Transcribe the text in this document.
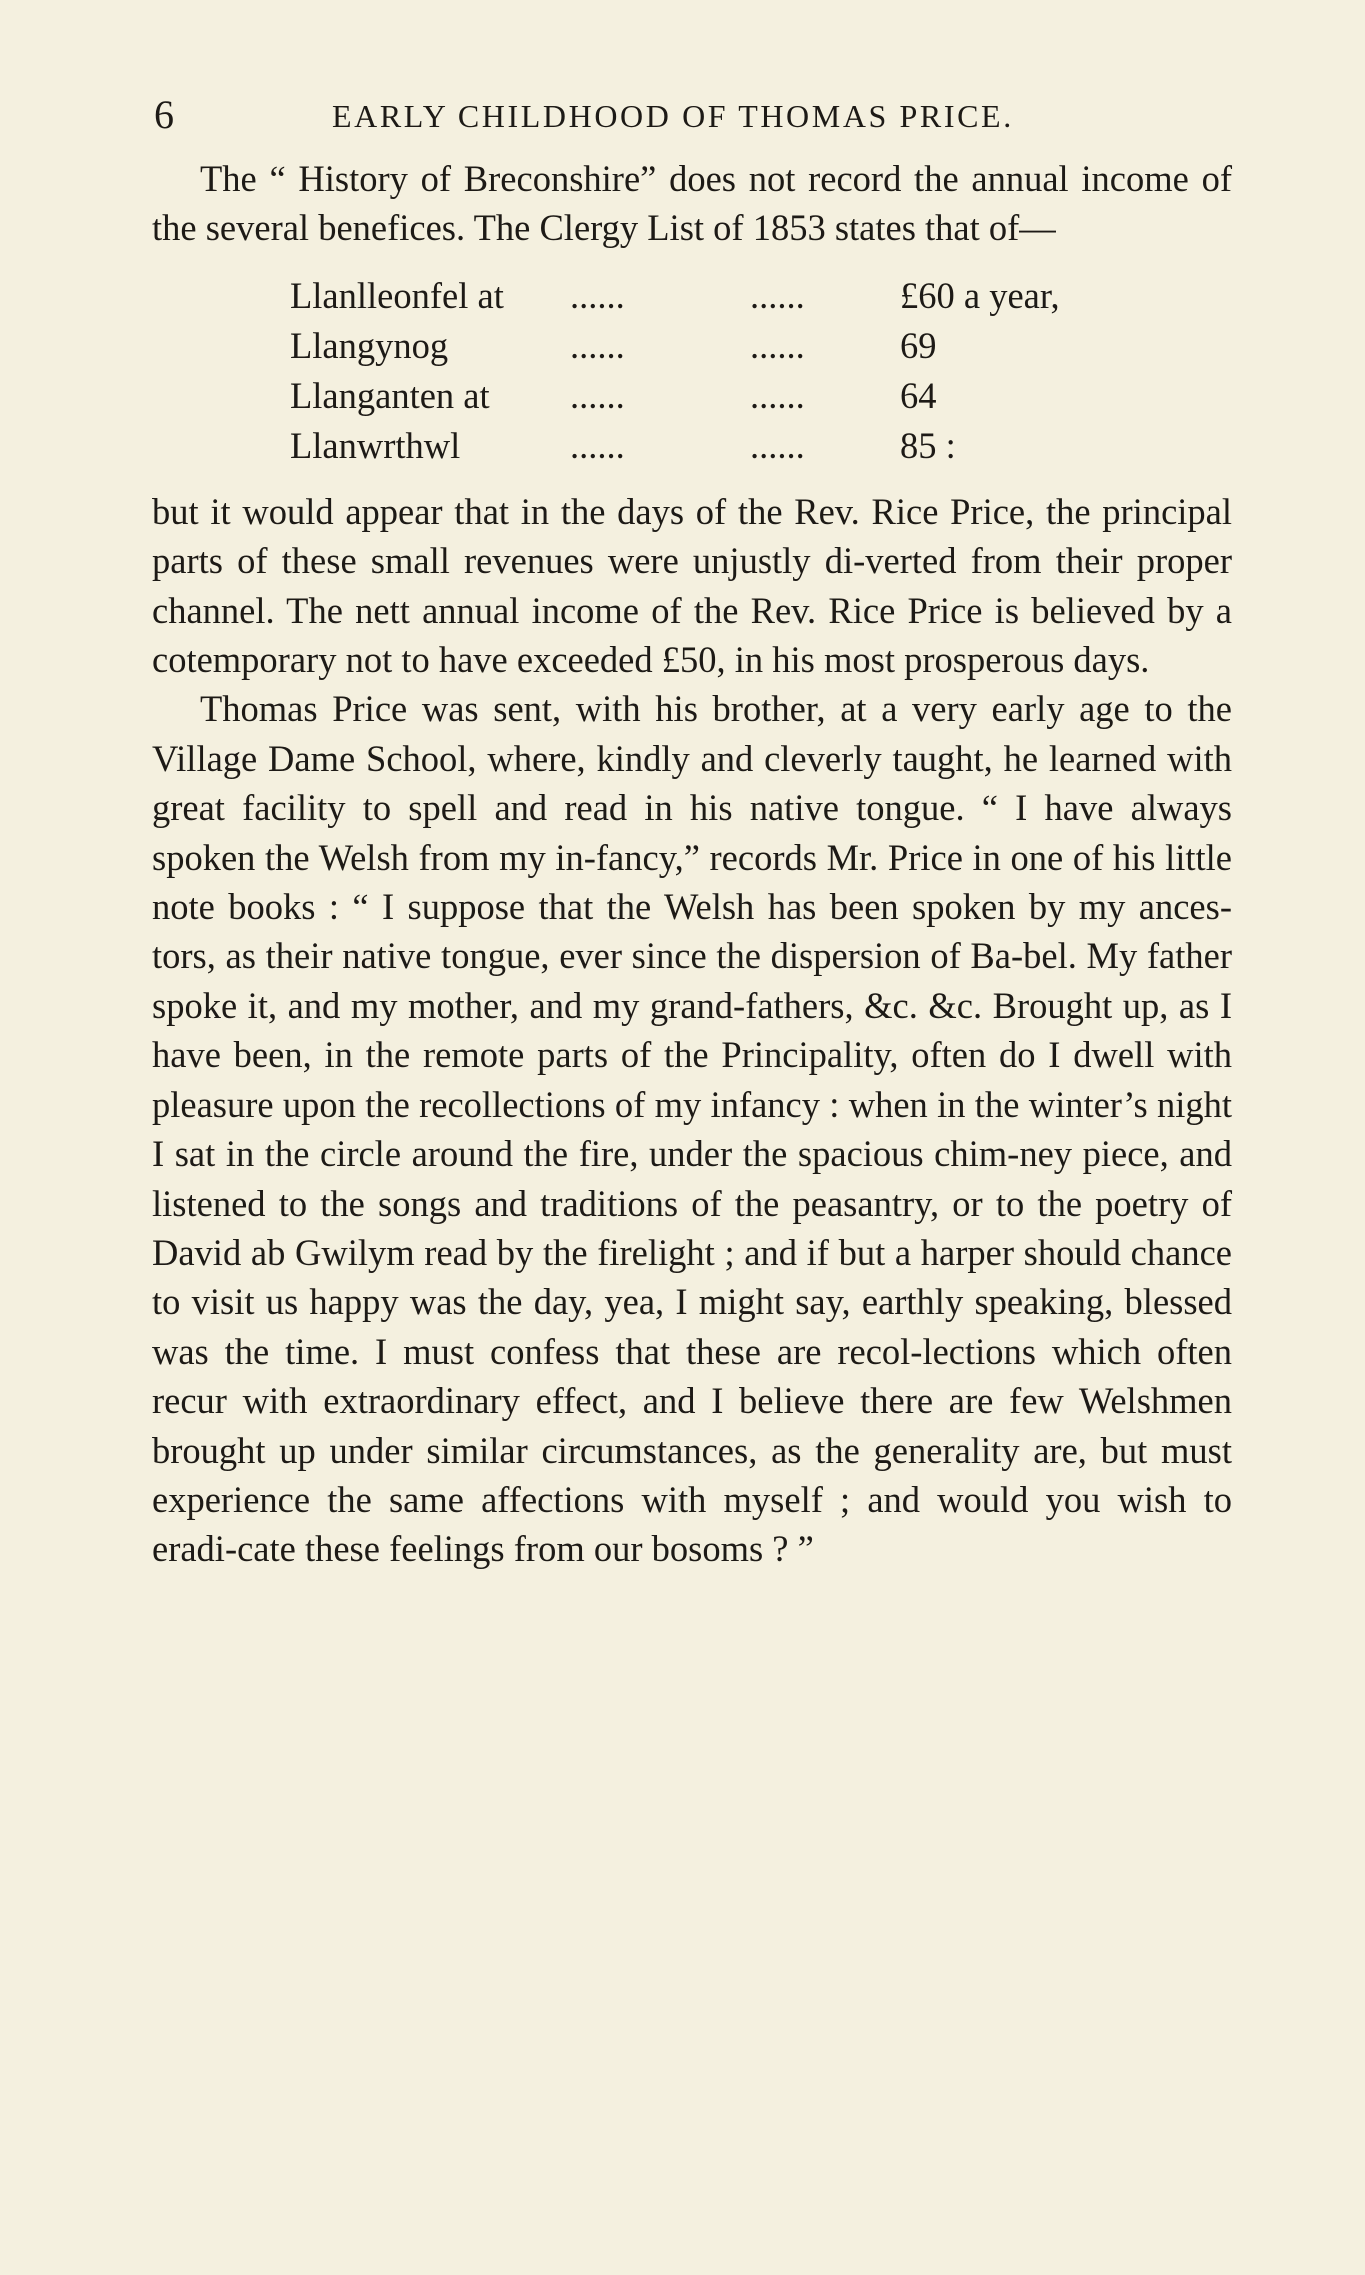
6	EARLY CHILDHOOD OF THOMAS PRICE.

The “ History of Breconshire” does not record the annual income of the several benefices. The Clergy List of 1853 states that of—

Llanlleonfel at	......	......	£60 a year,
Llangynog	......	......	69
Llanganten at	......	......	64
Llanwrthwl	......	......	85 :

but it would appear that in the days of the Rev. Rice Price, the principal parts of these small revenues were unjustly di-verted from their proper channel. The nett annual income of the Rev. Rice Price is believed by a cotemporary not to have exceeded £50, in his most prosperous days.

Thomas Price was sent, with his brother, at a very early age to the Village Dame School, where, kindly and cleverly taught, he learned with great facility to spell and read in his native tongue. “ I have always spoken the Welsh from my in-fancy,” records Mr. Price in one of his little note books : “ I suppose that the Welsh has been spoken by my ances-tors, as their native tongue, ever since the dispersion of Ba-bel. My father spoke it, and my mother, and my grand-fathers, &c. &c. Brought up, as I have been, in the remote parts of the Principality, often do I dwell with pleasure upon the recollections of my infancy : when in the winter’s night I sat in the circle around the fire, under the spacious chim-ney piece, and listened to the songs and traditions of the peasantry, or to the poetry of David ab Gwilym read by the firelight ; and if but a harper should chance to visit us happy was the day, yea, I might say, earthly speaking, blessed was the time. I must confess that these are recol-lections which often recur with extraordinary effect, and I believe there are few Welshmen brought up under similar circumstances, as the generality are, but must experience the same affections with myself ; and would you wish to eradi-cate these feelings from our bosoms ? ”
